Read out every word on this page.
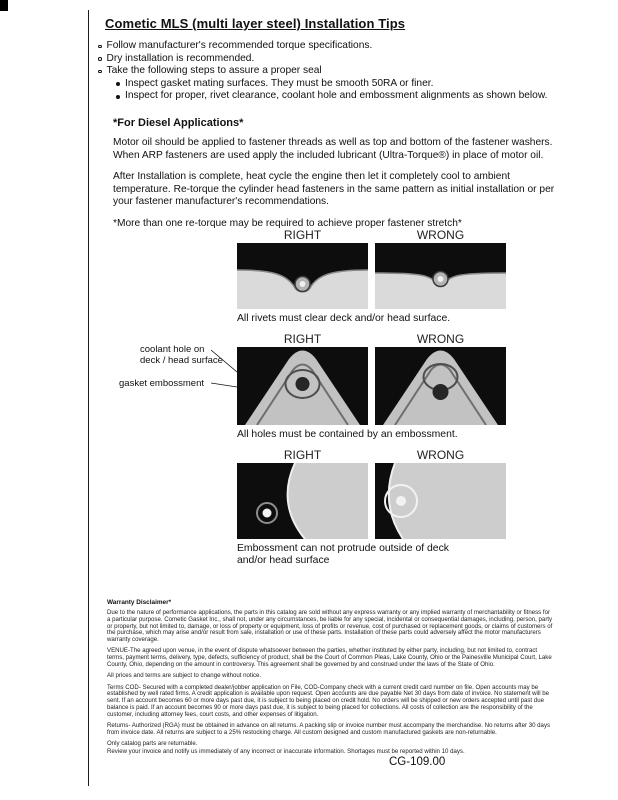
Cometic MLS (multi layer steel) Installation Tips
Follow manufacturer's recommended torque specifications.
Dry installation is recommended.
Take the following steps to assure a proper seal
Inspect gasket mating surfaces. They must be smooth 50RA or finer.
Inspect for proper, rivet clearance, coolant hole and embossment alignments as shown below.
*For Diesel Applications*

Motor oil should be applied to fastener threads as well as top and bottom of the fastener washers. When ARP fasteners are used apply the included lubricant (Ultra-Torque®) in place of motor oil.

After Installation is complete, heat cycle the engine then let it completely cool to ambient temperature. Re-torque the cylinder head fasteners in the same pattern as initial installation or per your fastener manufacturer's recommendations.

*More than one re-torque may be required to achieve proper fastener stretch*

RIGHT	WRONG
All rivets must clear deck and/or head surface.
coolant hole on
deck / head surface
gasket embossment
RIGHT	WRONG
All holes must be contained by an embossment.
RIGHT	WRONG
Embossment can not protrude outside of deck
and/or head surface
Warranty Disclaimer*

Due to the nature of performance applications, the parts in this catalog are sold without any express warranty or any implied warranty of merchantability or fitness for a particular purpose. Cometic Gasket Inc., shall not, under any circumstances, be liable for any special, incidental or consequential damages, including, person, party or property, but not limited to, damage, or loss of property or equipment, loss of profits or revenue, cost of purchased or replacement goods, or claims of customers of the purchase, which may arise and/or result from sale, installation or use of these parts. Installation of these parts could adversely affect the motor manufacturers warranty coverage.

VENUE-The agreed upon venue, in the event of dispute whatsoever between the parties, whether instituted by either party, including, but not limited to, contract terms, payment terms, delivery, type, defects, sufficiency of product, shall be the Court of Common Pleas, Lake County, Ohio or the Painesville Municipal Court, Lake County, Ohio, depending on the amount in controversy. This agreement shall be governed by and construed under the laws of the State of Ohio.

All prices and terms are subject to change without notice.

Terms COD- Secured with a completed dealer/jobber application on File, COD-Company check with a current credit card number on file. Open accounts may be established by well rated firms. A credit application is available upon request. Open accounts are due payable Net 30 days from date of invoice. No statement will be sent. If an account becomes 60 or more days past due, it is subject to being placed on credit hold. No orders will be shipped or new orders accepted until past due balance is paid. If an account becomes 90 or more days past due, it is subject to being placed for collections. All costs of collection are the responsibility of the customer, including attorney fees, court costs, and other expenses of litigation.

Returns- Authorized (RGA) must be obtained in advance on all returns. A packing slip or invoice number must accompany the merchandise. No returns after 30 days from invoice date. All returns are subject to a 25% restocking charge. All custom designed and custom manufactured gaskets are non-returnable.

Only catalog parts are returnable.

Review your invoice and notify us immediately of any incorrect or inaccurate information. Shortages must be reported within 10 days.

CG-109.00
